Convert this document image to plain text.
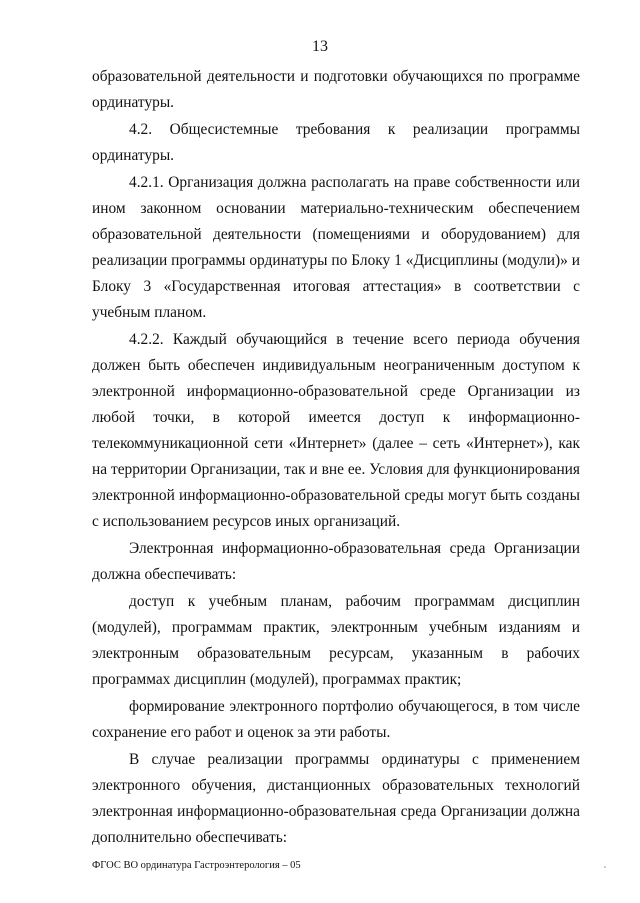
13

образовательной деятельности и подготовки обучающихся по программе ординатуры.

4.2. Общесистемные требования к реализации программы ординатуры.

4.2.1. Организация должна располагать на праве собственности или ином законном основании материально-техническим обеспечением образовательной деятельности (помещениями и оборудованием) для реализации программы ординатуры по Блоку 1 «Дисциплины (модули)» и Блоку 3 «Государственная итоговая аттестация» в соответствии с учебным планом.

4.2.2. Каждый обучающийся в течение всего периода обучения должен быть обеспечен индивидуальным неограниченным доступом к электронной информационно-образовательной среде Организации из любой точки, в которой имеется доступ к информационно-телекоммуникационной сети «Интернет» (далее – сеть «Интернет»), как на территории Организации, так и вне ее. Условия для функционирования электронной информационно-образовательной среды могут быть созданы с использованием ресурсов иных организаций.

Электронная информационно-образовательная среда Организации должна обеспечивать:

доступ к учебным планам, рабочим программам дисциплин (модулей), программам практик, электронным учебным изданиям и электронным образовательным ресурсам, указанным в рабочих программах дисциплин (модулей), программах практик;

формирование электронного портфолио обучающегося, в том числе сохранение его работ и оценок за эти работы.

В случае реализации программы ординатуры с применением электронного обучения, дистанционных образовательных технологий электронная информационно-образовательная среда Организации должна дополнительно обеспечивать:

ФГОС ВО ординатура Гастроэнтерология – 05
